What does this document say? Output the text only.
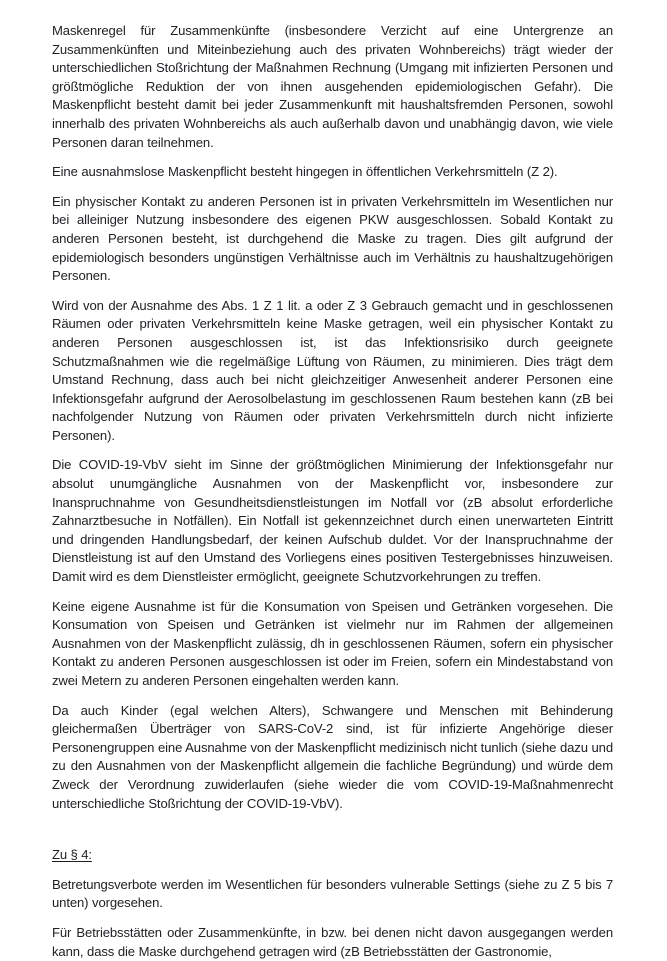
Maskenregel für Zusammenkünfte (insbesondere Verzicht auf eine Untergrenze an Zusammenkünften und Miteinbeziehung auch des privaten Wohnbereichs) trägt wieder der unterschiedlichen Stoßrichtung der Maßnahmen Rechnung (Umgang mit infizierten Personen und größtmögliche Reduktion der von ihnen ausgehenden epidemiologischen Gefahr). Die Maskenpflicht besteht damit bei jeder Zusammenkunft mit haushaltsfremden Personen, sowohl innerhalb des privaten Wohnbereichs als auch außerhalb davon und unabhängig davon, wie viele Personen daran teilnehmen.

Eine ausnahmslose Maskenpflicht besteht hingegen in öffentlichen Verkehrsmitteln (Z 2).

Ein physischer Kontakt zu anderen Personen ist in privaten Verkehrsmitteln im Wesentlichen nur bei alleiniger Nutzung insbesondere des eigenen PKW ausgeschlossen. Sobald Kontakt zu anderen Personen besteht, ist durchgehend die Maske zu tragen. Dies gilt aufgrund der epidemiologisch besonders ungünstigen Verhältnisse auch im Verhältnis zu haushaltzugehörigen Personen.

Wird von der Ausnahme des Abs. 1 Z 1 lit. a oder Z 3 Gebrauch gemacht und in geschlossenen Räumen oder privaten Verkehrsmitteln keine Maske getragen, weil ein physischer Kontakt zu anderen Personen ausgeschlossen ist, ist das Infektionsrisiko durch geeignete Schutzmaßnahmen wie die regelmäßige Lüftung von Räumen, zu minimieren. Dies trägt dem Umstand Rechnung, dass auch bei nicht gleichzeitiger Anwesenheit anderer Personen eine Infektionsgefahr aufgrund der Aerosolbelastung im geschlossenen Raum bestehen kann (zB bei nachfolgender Nutzung von Räumen oder privaten Verkehrsmitteln durch nicht infizierte Personen).

Die COVID-19-VbV sieht im Sinne der größtmöglichen Minimierung der Infektionsgefahr nur absolut unumgängliche Ausnahmen von der Maskenpflicht vor, insbesondere zur Inanspruchnahme von Gesundheitsdienstleistungen im Notfall vor (zB absolut erforderliche Zahnarztbesuche in Notfällen). Ein Notfall ist gekennzeichnet durch einen unerwarteten Eintritt und dringenden Handlungsbedarf, der keinen Aufschub duldet. Vor der Inanspruchnahme der Dienstleistung ist auf den Umstand des Vorliegens eines positiven Testergebnisses hinzuweisen. Damit wird es dem Dienstleister ermöglicht, geeignete Schutzvorkehrungen zu treffen.

Keine eigene Ausnahme ist für die Konsumation von Speisen und Getränken vorgesehen. Die Konsumation von Speisen und Getränken ist vielmehr nur im Rahmen der allgemeinen Ausnahmen von der Maskenpflicht zulässig, dh in geschlossenen Räumen, sofern ein physischer Kontakt zu anderen Personen ausgeschlossen ist oder im Freien, sofern ein Mindestabstand von zwei Metern zu anderen Personen eingehalten werden kann.

Da auch Kinder (egal welchen Alters), Schwangere und Menschen mit Behinderung gleichermaßen Überträger von SARS-CoV-2 sind, ist für infizierte Angehörige dieser Personengruppen eine Ausnahme von der Maskenpflicht medizinisch nicht tunlich (siehe dazu und zu den Ausnahmen von der Maskenpflicht allgemein die fachliche Begründung) und würde dem Zweck der Verordnung zuwiderlaufen (siehe wieder die vom COVID-19-Maßnahmenrecht unterschiedliche Stoßrichtung der COVID-19-VbV).

Zu § 4:

Betretungsverbote werden im Wesentlichen für besonders vulnerable Settings (siehe zu Z 5 bis 7 unten) vorgesehen.

Für Betriebsstätten oder Zusammenkünfte, in bzw. bei denen nicht davon ausgegangen werden kann, dass die Maske durchgehend getragen wird (zB Betriebsstätten der Gastronomie,
